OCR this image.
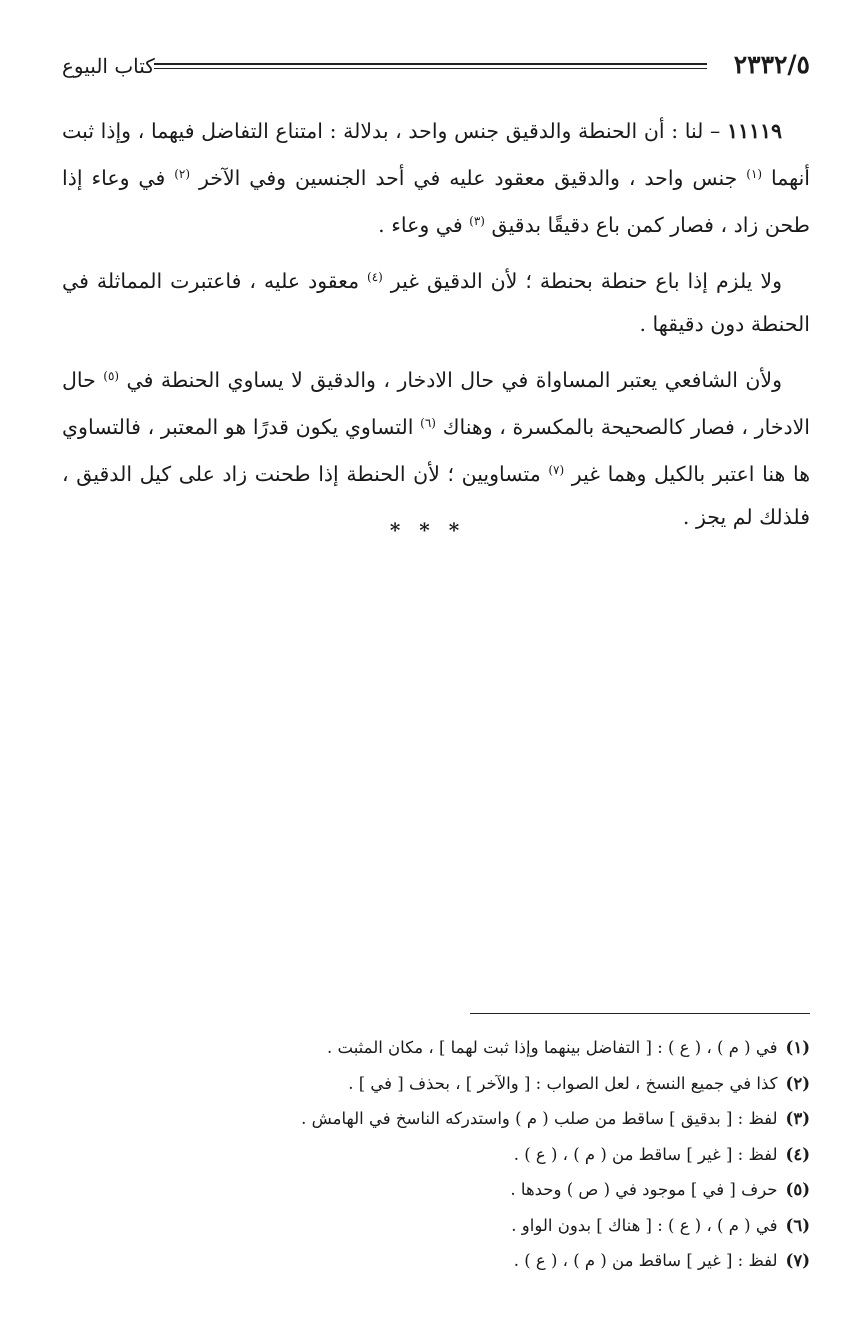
٢٣٣٢/٥
كتاب البيوع

١١١١٩ – لنا : أن الحنطة والدقيق جنس واحد ، بدلالة : امتناع التفاضل فيهما ، وإذا ثبت أنهما $^{(١)}$ جنس واحد ، والدقيق معقود عليه في أحد الجنسين وفي الآخر $^{(٢)}$ في وعاء إذا طحن زاد ، فصار كمن باع دقيقًا بدقيق $^{(٣)}$ في وعاء .

ولا يلزم إذا باع حنطة بحنطة ؛ لأن الدقيق غير $^{(٤)}$ معقود عليه ، فاعتبرت المماثلة في الحنطة دون دقيقها .

ولأن الشافعي يعتبر المساواة في حال الادخار ، والدقيق لا يساوي الحنطة في $^{(٥)}$ حال الادخار ، فصار كالصحيحة بالمكسرة ، وهناك $^{(٦)}$ التساوي يكون قدرًا هو المعتبر ، فالتساوي ها هنا اعتبر بالكيل وهما غير $^{(٧)}$ متساويين ؛ لأن الحنطة إذا طحنت زاد على كيل الدقيق ، فلذلك لم يجز .

* * *
(١)في ( م ) ، ( ع ) : [ التفاضل بينهما وإذا ثبت لهما ] ، مكان المثبت .
(٢)كذا في جميع النسخ ، لعل الصواب : [ والآخر ] ، بحذف [ في ] .
(٣)لفظ : [ بدقيق ] ساقط من صلب ( م ) واستدركه الناسخ في الهامش .
(٤)لفظ : [ غير ] ساقط من ( م ) ، ( ع ) .
(٥)حرف [ في ] موجود في ( ص ) وحدها .
(٦)في ( م ) ، ( ع ) : [ هناك ] بدون الواو .
(٧)لفظ : [ غير ] ساقط من ( م ) ، ( ع ) .
